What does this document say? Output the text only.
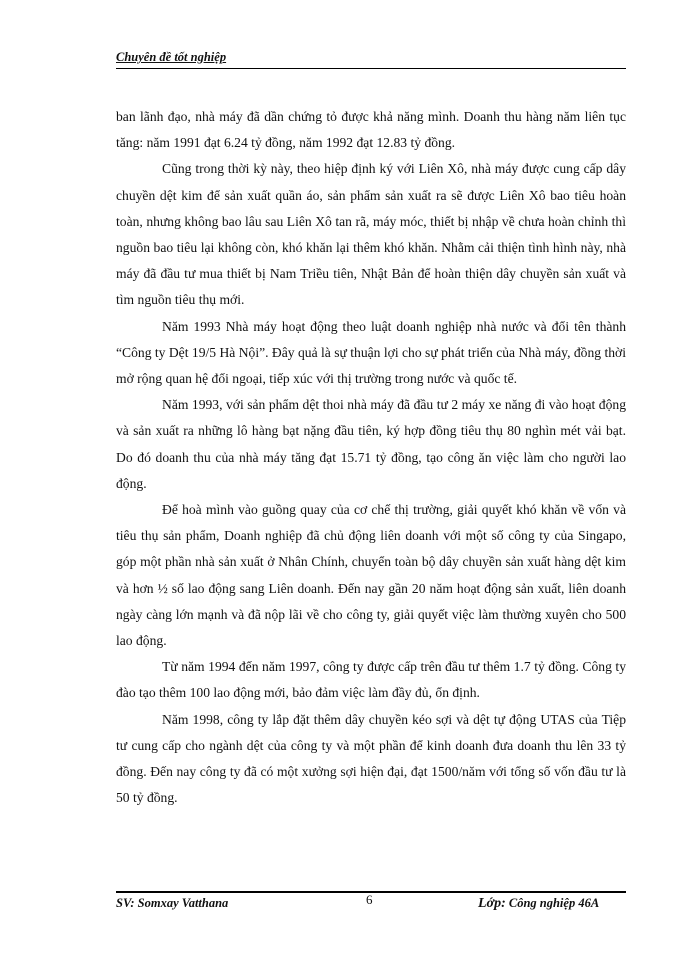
Chuyên đề tốt nghiệp

ban lãnh đạo, nhà máy đã dần chứng tỏ được khả năng mình. Doanh thu hàng năm liên tục tăng: năm 1991 đạt 6.24 tỷ đồng, năm 1992 đạt 12.83 tỷ đồng.

Cũng trong thời kỳ này, theo hiệp định ký với Liên Xô, nhà máy được cung cấp dây chuyền dệt kim để sản xuất quần áo, sản phẩm sản xuất ra sẽ được Liên Xô bao tiêu hoàn toàn, nhưng không bao lâu sau Liên Xô tan rã, máy móc, thiết bị nhập về chưa hoàn chỉnh thì nguồn bao tiêu lại không còn, khó khăn lại thêm khó khăn. Nhằm cải thiện tình hình này, nhà máy đã đầu tư mua thiết bị Nam Triều tiên, Nhật Bản để hoàn thiện dây chuyền sản xuất và tìm nguồn tiêu thụ mới.

Năm 1993 Nhà máy hoạt động theo luật doanh nghiệp nhà nước và đổi tên thành “Công ty Dệt 19/5 Hà Nội”. Đây quả là sự thuận lợi cho sự phát triển của Nhà máy, đồng thời mở rộng quan hệ đối ngoại, tiếp xúc với thị trường trong nước và quốc tế.

Năm 1993, với sản phẩm dệt thoi nhà máy đã đầu tư 2 máy xe năng đi vào hoạt động và sản xuất ra những lô hàng bạt nặng đầu tiên, ký hợp đồng tiêu thụ 80 nghìn mét vải bạt. Do đó doanh thu của nhà máy tăng đạt 15.71 tỷ đồng, tạo công ăn việc làm cho người lao động.

Để hoà mình vào guồng quay của cơ chế thị trường, giải quyết khó khăn về vốn và tiêu thụ sản phẩm, Doanh nghiệp đã chủ động liên doanh với một số công ty của Singapo, góp một phần nhà sản xuất ở Nhân Chính, chuyển toàn bộ dây chuyền sản xuất hàng dệt kim và hơn ½ số lao động sang Liên doanh. Đến nay gần 20 năm hoạt động sản xuất, liên doanh ngày càng lớn mạnh và đã nộp lãi về cho công ty, giải quyết việc làm thường xuyên cho 500 lao động.

Từ năm 1994 đến năm 1997, công ty được cấp trên đầu tư thêm 1.7 tỷ đồng. Công ty đào tạo thêm 100 lao động mới, bảo đảm việc làm đầy đủ, ổn định.

Năm 1998, công ty lắp đặt thêm dây chuyền kéo sợi và dệt tự động UTAS của Tiệp tư cung cấp cho ngành dệt của công ty và một phần để kinh doanh đưa doanh thu lên 33 tỷ đồng. Đến nay công ty đã có một xưởng sợi hiện đại, đạt 1500/năm với tổng số vốn đầu tư là 50 tỷ đồng.

SV: Somxay Vatthana	6	Lớp: Công nghiệp 46A
